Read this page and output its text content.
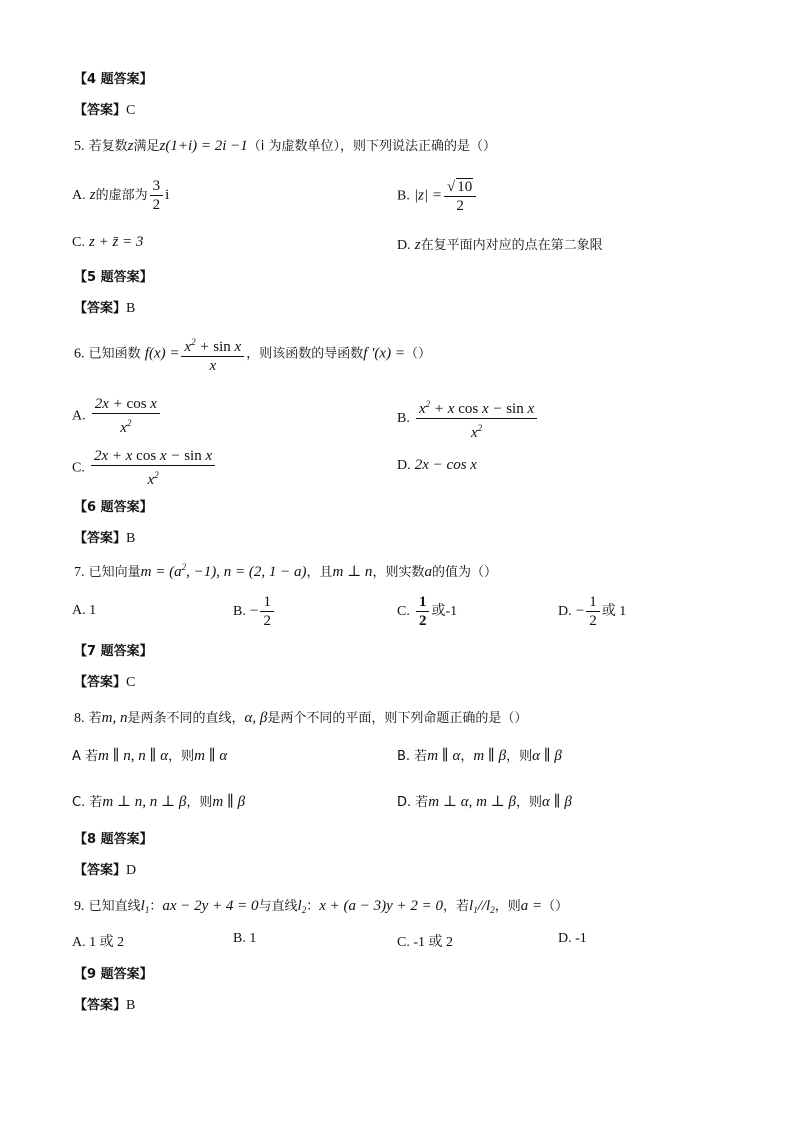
【4 题答案】
【答案】C
5. 若复数z满足z(1+i) = 2i −1（i 为虚数单位），则下列说法正确的是（）
A. z的虚部为 $\frac{3}{2}$ i	B. $|z| = \frac{√ 10}{2}$
C. z + z̄ = 3	D. z在复平面内对应的点在第二象限
【5 题答案】
【答案】B
6. 已知函数 $f(x) = \frac{x^2 + \sin x}{x}$ ，则该函数的导函数f ′(x) =（）
A. $\frac{\text{2x + cos x}}{x^2}$	B. $\frac{x^2 + x \cos x - \sin x}{x^2}$
C. $\frac{\text{2x + x cos x − sin x}}{x^2}$	D. 2x − cos x
【6 题答案】
【答案】B
7. 已知向量$m = (a^2$, −1), n = (2, 1 − a)，且m ⊥ n，则实数a的值为（）
A. 1	B. − $\frac{1}{2}$	C. $\frac{1}{2}$ 或-1	D. − $\frac{1}{2}$ 或 1
【7 题答案】
【答案】C
8. 若m, n是两条不同的直线，α, β是两个不同的平面，则下列命题正确的是（）
A 若m ∥ n, n ∥ α，则m ∥ α	B. 若m ∥ α，m ∥ β，则α ∥ β
C. 若m ⊥ n, n ⊥ β，则m ∥ β	D. 若m ⊥ α, m ⊥ β，则α ∥ β
【8 题答案】
【答案】D
9. 已知直线$l_1$：ax − 2y + 4 = 0与直线$l_2$：x + (a − 3)y + 2 = 0，若$l_1//l_2$，则a =（）
A. 1 或 2	B. 1	C. -1 或 2	D. -1
【9 题答案】
【答案】B
